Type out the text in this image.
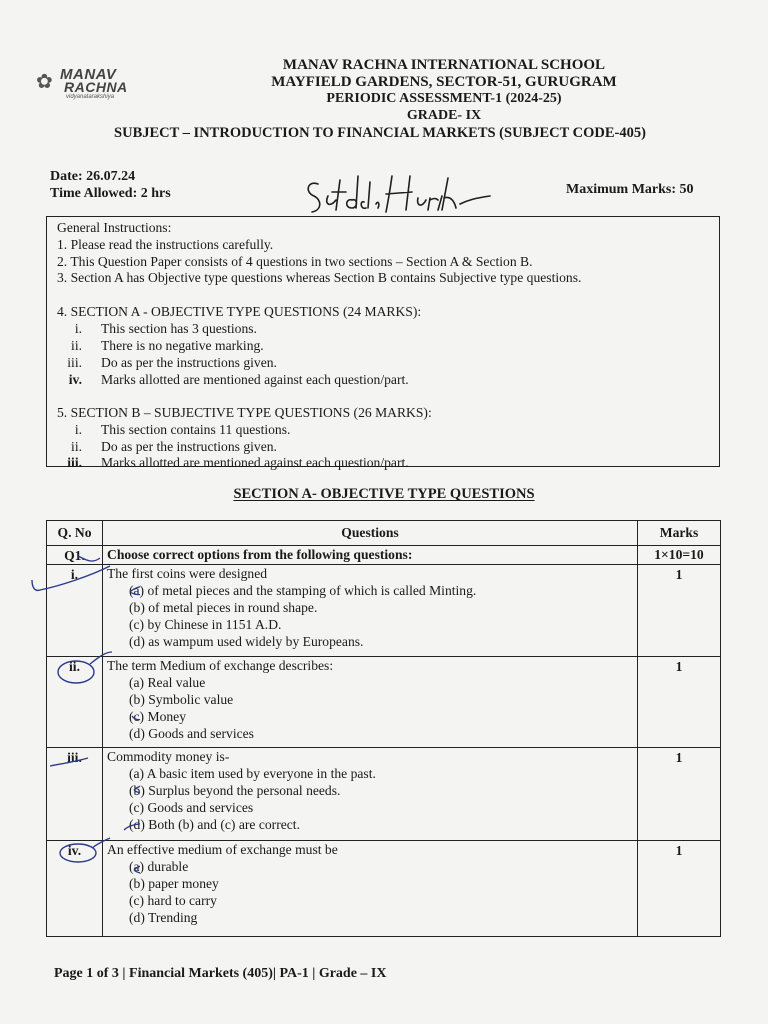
✿ MANAV
RACHNA
vidyanatarakshiya
MANAV RACHNA INTERNATIONAL SCHOOL
MAYFIELD GARDENS, SECTOR-51, GURUGRAM
PERIODIC ASSESSMENT-1 (2024-25)
GRADE- IX
SUBJECT – INTRODUCTION TO FINANCIAL MARKETS (SUBJECT CODE-405)
Date: 26.07.24
Time Allowed: 2 hrs	Maximum Marks: 50
General Instructions:
1. Please read the instructions carefully.
2. This Question Paper consists of 4 questions in two sections – Section A & Section B.
3. Section A has Objective type questions whereas Section B contains Subjective type questions.
4. SECTION A - OBJECTIVE TYPE QUESTIONS (24 MARKS):
i. This section has 3 questions.
ii. There is no negative marking.
iii. Do as per the instructions given.
iv. Marks allotted are mentioned against each question/part.
5. SECTION B – SUBJECTIVE TYPE QUESTIONS (26 MARKS):
i. This section contains 11 questions.
ii. Do as per the instructions given.
iii. Marks allotted are mentioned against each question/part.
SECTION A- OBJECTIVE TYPE QUESTIONS
Q. No	Questions	Marks
Q1.	Choose correct options from the following questions:	1×10=10
i.	The first coins were designed
(a) of metal pieces and the stamping of which is called Minting.
(b) of metal pieces in round shape.
(c) by Chinese in 1151 A.D.
(d) as wampum used widely by Europeans.	1
ii.	The term Medium of exchange describes:
(a) Real value
(b) Symbolic value
(c) Money
(d) Goods and services	1
iii.	Commodity money is-
(a) A basic item used by everyone in the past.
(b) Surplus beyond the personal needs.
(c) Goods and services
(d) Both (b) and (c) are correct.	1
iv.	An effective medium of exchange must be
(a) durable
(b) paper money
(c) hard to carry
(d) Trending	1
Page 1 of 3 | Financial Markets (405)| PA-1 | Grade – IX
